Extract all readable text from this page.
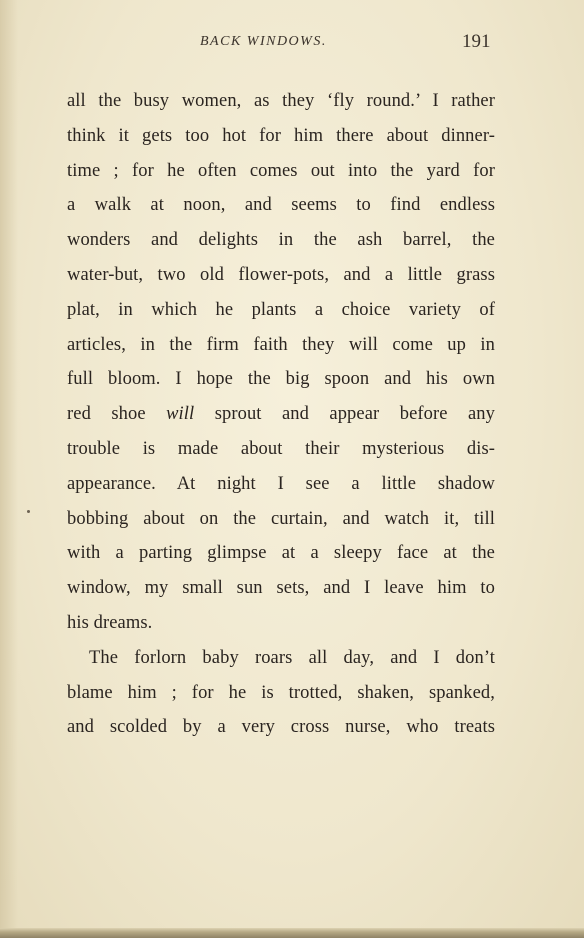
BACK WINDOWS.	191
all the busy women, as they ‘fly round.’ I rather
think it gets too hot for him there about dinner-
time ; for he often comes out into the yard for
a walk at noon, and seems to find endless
wonders and delights in the ash barrel, the
water-but, two old flower-pots, and a little grass
plat, in which he plants a choice variety of
articles, in the firm faith they will come up in
full bloom. I hope the big spoon and his own
red shoe will sprout and appear before any
trouble is made about their mysterious dis-
appearance. At night I see a little shadow
bobbing about on the curtain, and watch it, till
with a parting glimpse at a sleepy face at the
window, my small sun sets, and I leave him to
his dreams.
The forlorn baby roars all day, and I don’t
blame him ; for he is trotted, shaken, spanked,
and scolded by a very cross nurse, who treats
